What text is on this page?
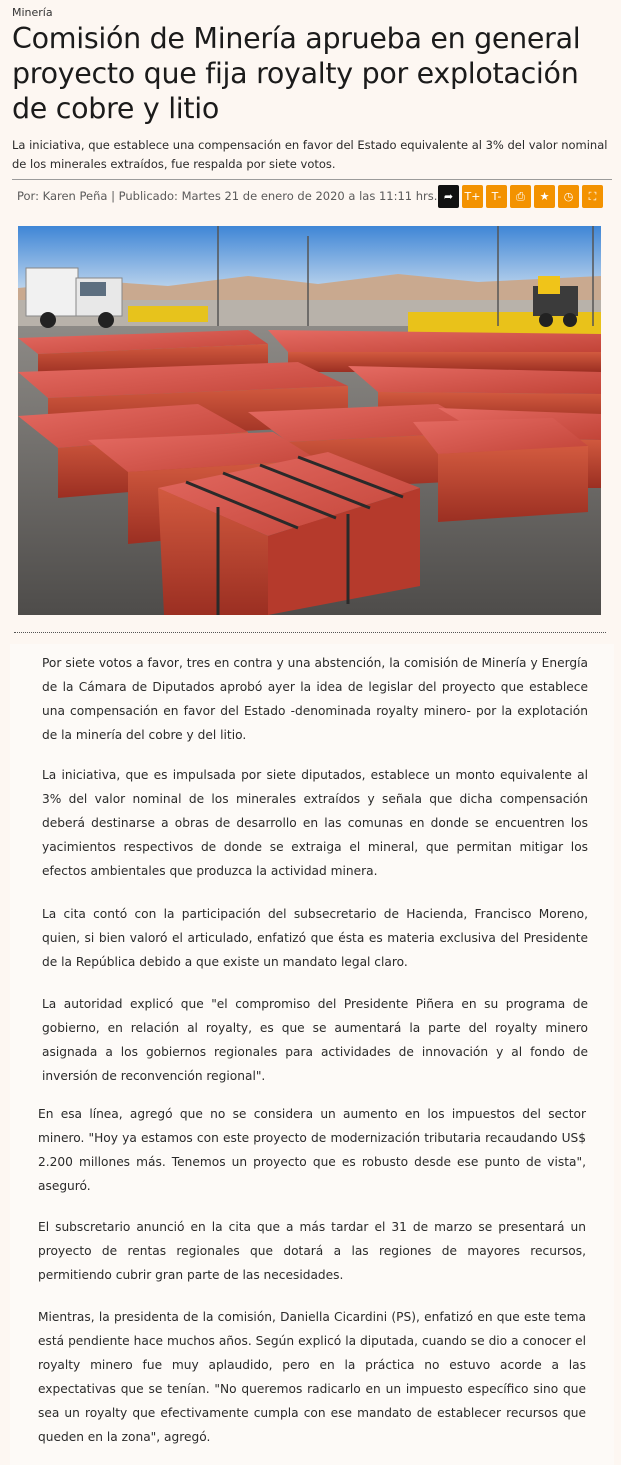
Minería
Comisión de Minería aprueba en general proyecto que fija royalty por explotación de cobre y litio

La iniciativa, que establece una compensación en favor del Estado equivalente al 3% del valor nominal de los minerales extraídos, fue respalda por siete votos.

Por: Karen Peña | Publicado: Martes 21 de enero de 2020 a las 11:11 hrs. ➦ T+ T- ⎙ ★ ◷ ⛶

Por siete votos a favor, tres en contra y una abstención, la comisión de Minería y Energía de la Cámara de Diputados aprobó ayer la idea de legislar del proyecto que establece una compensación en favor del Estado -denominada royalty minero- por la explotación de la minería del cobre y del litio.

La iniciativa, que es impulsada por siete diputados, establece un monto equivalente al 3% del valor nominal de los minerales extraídos y señala que dicha compensación deberá destinarse a obras de desarrollo en las comunas en donde se encuentren los yacimientos respectivos de donde se extraiga el mineral, que permitan mitigar los efectos ambientales que produzca la actividad minera.

La cita contó con la participación del subsecretario de Hacienda, Francisco Moreno, quien, si bien valoró el articulado, enfatizó que ésta es materia exclusiva del Presidente de la República debido a que existe un mandato legal claro.

La autoridad explicó que "el compromiso del Presidente Piñera en su programa de gobierno, en relación al royalty, es que se aumentará la parte del royalty minero asignada a los gobiernos regionales para actividades de innovación y al fondo de inversión de reconvención regional".

En esa línea, agregó que no se considera un aumento en los impuestos del sector minero. "Hoy ya estamos con este proyecto de modernización tributaria recaudando US$ 2.200 millones más. Tenemos un proyecto que es robusto desde ese punto de vista", aseguró.

El subscretario anunció en la cita que a más tardar el 31 de marzo se presentará un proyecto de rentas regionales que dotará a las regiones de mayores recursos, permitiendo cubrir gran parte de las necesidades.

Mientras, la presidenta de la comisión, Daniella Cicardini (PS), enfatizó en que este tema está pendiente hace muchos años. Según explicó la diputada, cuando se dio a conocer el royalty minero fue muy aplaudido, pero en la práctica no estuvo acorde a las expectativas que se tenían. "No queremos radicarlo en un impuesto específico sino que sea un royalty que efectivamente cumpla con ese mandato de establecer recursos que queden en la zona", agregó.
